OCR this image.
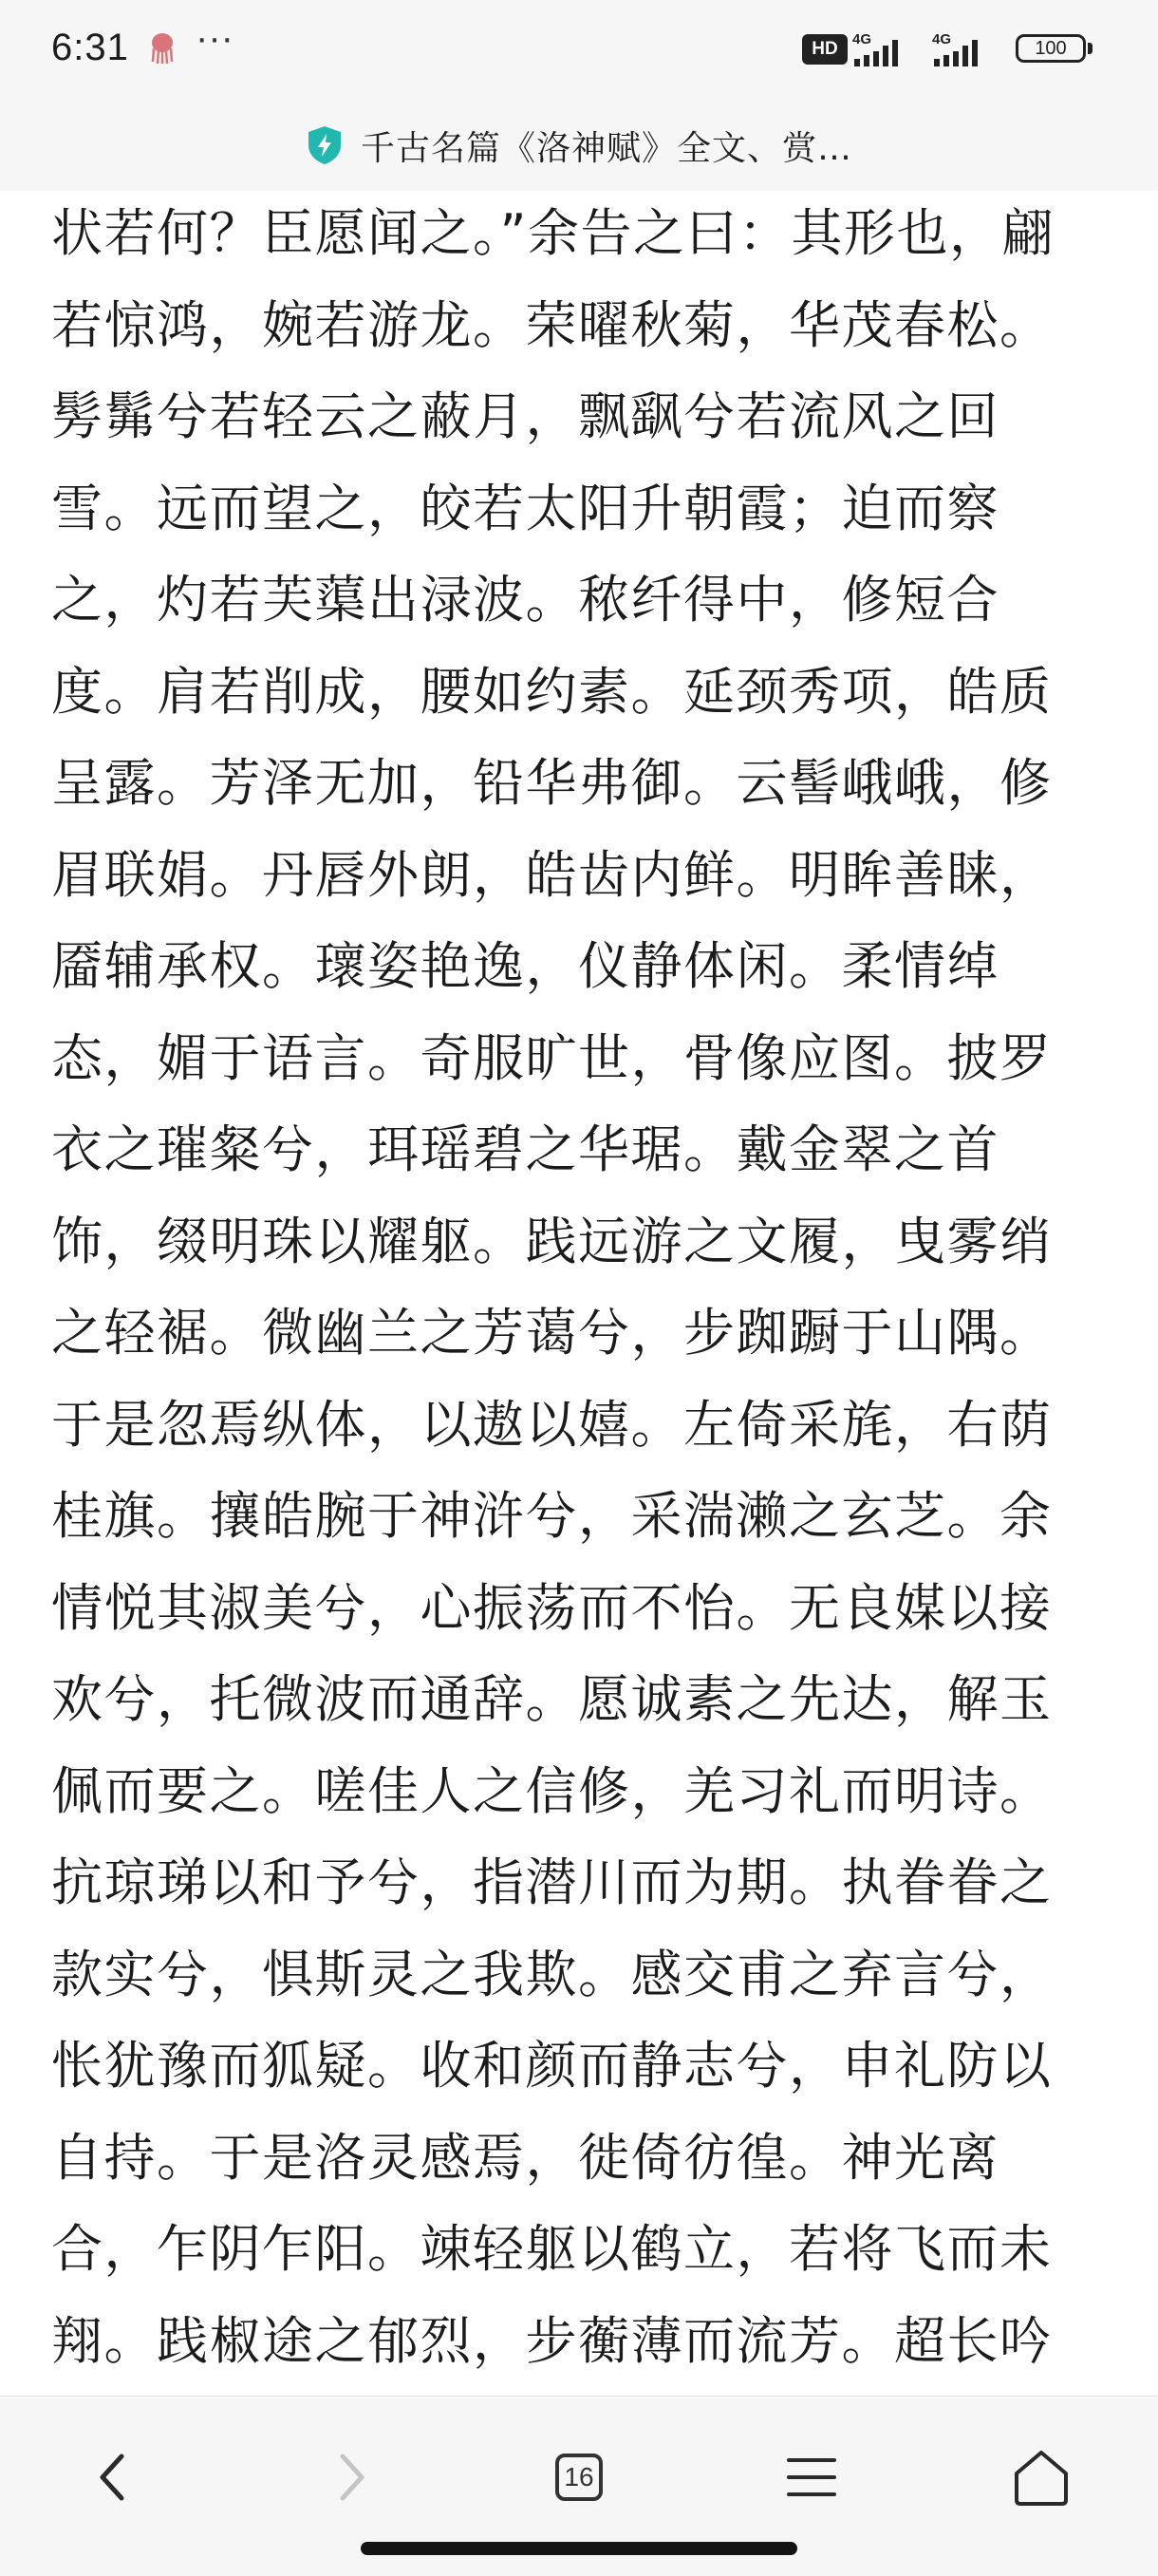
6:31 ···	HD	4G	4G	100
千古名篇《洛神赋》全文、赏…
状若何？臣愿闻之。”余告之曰：其形也，翩
若惊鸿，婉若游龙。荣曜秋菊，华茂春松。
髣髴兮若轻云之蔽月，飘飖兮若流风之回
雪。远而望之，皎若太阳升朝霞；迫而察
之，灼若芙蕖出渌波。秾纤得中，修短合
度。肩若削成，腰如约素。延颈秀项，皓质
呈露。芳泽无加，铅华弗御。云髻峨峨，修
眉联娟。丹唇外朗，皓齿内鲜。明眸善睐，
靥辅承权。瓌姿艳逸，仪静体闲。柔情绰
态，媚于语言。奇服旷世，骨像应图。披罗
衣之璀粲兮，珥瑶碧之华琚。戴金翠之首
饰，缀明珠以耀躯。践远游之文履，曳雾绡
之轻裾。微幽兰之芳蔼兮，步踟蹰于山隅。
于是忽焉纵体，以遨以嬉。左倚采旄，右荫
桂旗。攘皓腕于神浒兮，采湍濑之玄芝。余
情悦其淑美兮，心振荡而不怡。无良媒以接
欢兮，托微波而通辞。愿诚素之先达，解玉
佩而要之。嗟佳人之信修，羌习礼而明诗。
抗琼珶以和予兮，指潜川而为期。执眷眷之
款实兮，惧斯灵之我欺。感交甫之弃言兮，
怅犹豫而狐疑。收和颜而静志兮，申礼防以
自持。于是洛灵感焉，徙倚彷徨。神光离
合，乍阴乍阳。竦轻躯以鹤立，若将飞而未
翔。践椒途之郁烈，步蘅薄而流芳。超长吟
16
